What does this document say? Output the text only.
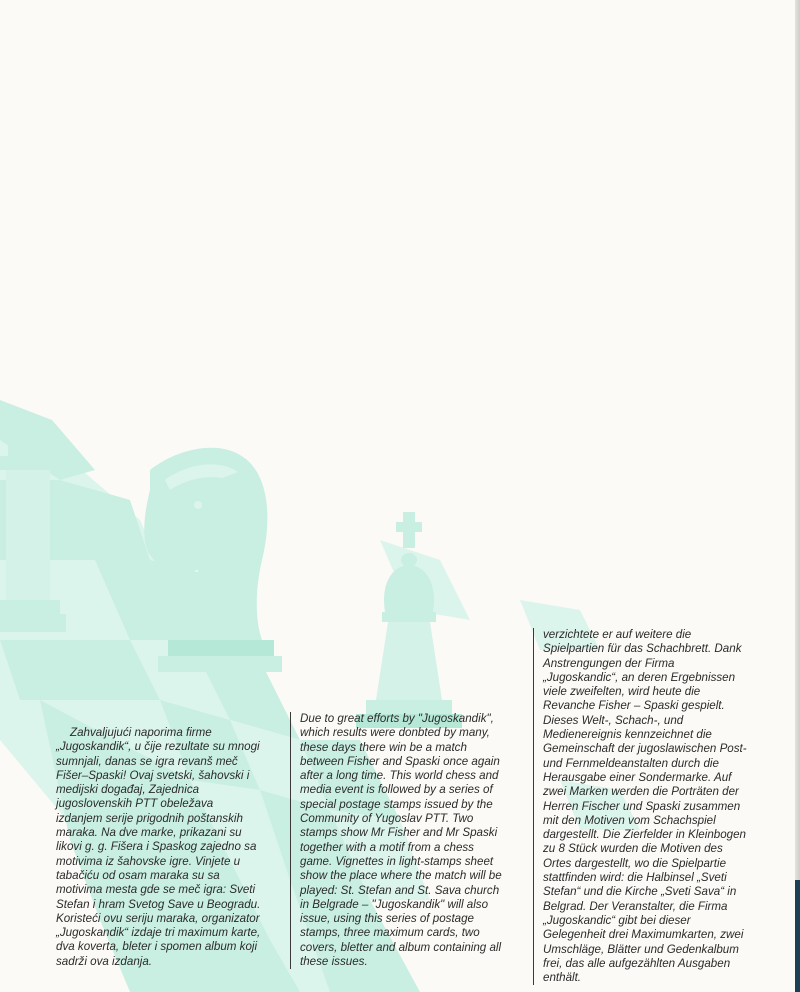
Zahvaljujući naporima firme
„Jugoskandik“, u čije rezultate su mnogi
sumnjali, danas se igra revanš meč
Fišer–Spaski! Ovaj svetski, šahovski i
medijski događaj, Zajednica
jugoslovenskih PTT obeležava
izdanjem serije prigodnih poštanskih
maraka. Na dve marke, prikazani su
likovi g. g. Fišera i Spaskog zajedno sa
motivima iz šahovske igre. Vinjete u
tabačiću od osam maraka su sa
motivima mesta gde se meč igra: Sveti
Stefan i hram Svetog Save u Beogradu.
Koristeći ovu seriju maraka, organizator
„Jugoskandik“ izdaje tri maximum karte,
dva koverta, bleter i spomen album koji
sadrži ova izdanja.
Due to great efforts by "Jugoskandik",
which results were donbted by many,
these days there win be a match
between Fisher and Spaski once again
after a long time. This world chess and
media event is followed by a series of
special postage stamps issued by the
Community of Yugoslav PTT. Two
stamps show Mr Fisher and Mr Spaski
together with a motif from a chess
game. Vignettes in light-stamps sheet
show the place where the match will be
played: St. Stefan and St. Sava church
in Belgrade – "Jugoskandik" will also
issue, using this series of postage
stamps, three maximum cards, two
covers, bletter and album containing all
these issues.
verzichtete er auf weitere die
Spielpartien für das Schachbrett. Dank
Anstrengungen der Firma
„Jugoskandic“, an deren Ergebnissen
viele zweifelten, wird heute die
Revanche Fisher – Spaski gespielt.
Dieses Welt-, Schach-, und
Medienereignis kennzeichnet die
Gemeinschaft der jugoslawischen Post-
und Fernmeldeanstalten durch die
Herausgabe einer Sondermarke. Auf
zwei Marken werden die Porträten der
Herren Fischer und Spaski zusammen
mit den Motiven vom Schachspiel
dargestellt. Die Zierfelder in Kleinbogen
zu 8 Stück wurden die Motiven des
Ortes dargestellt, wo die Spielpartie
stattfinden wird: die Halbinsel „Sveti
Stefan“ und die Kirche „Sveti Sava“ in
Belgrad. Der Veranstalter, die Firma
„Jugoskandic“ gibt bei dieser
Gelegenheit drei Maximumkarten, zwei
Umschläge, Blätter und Gedenkalbum
frei, das alle aufgezählten Ausgaben
enthält.
